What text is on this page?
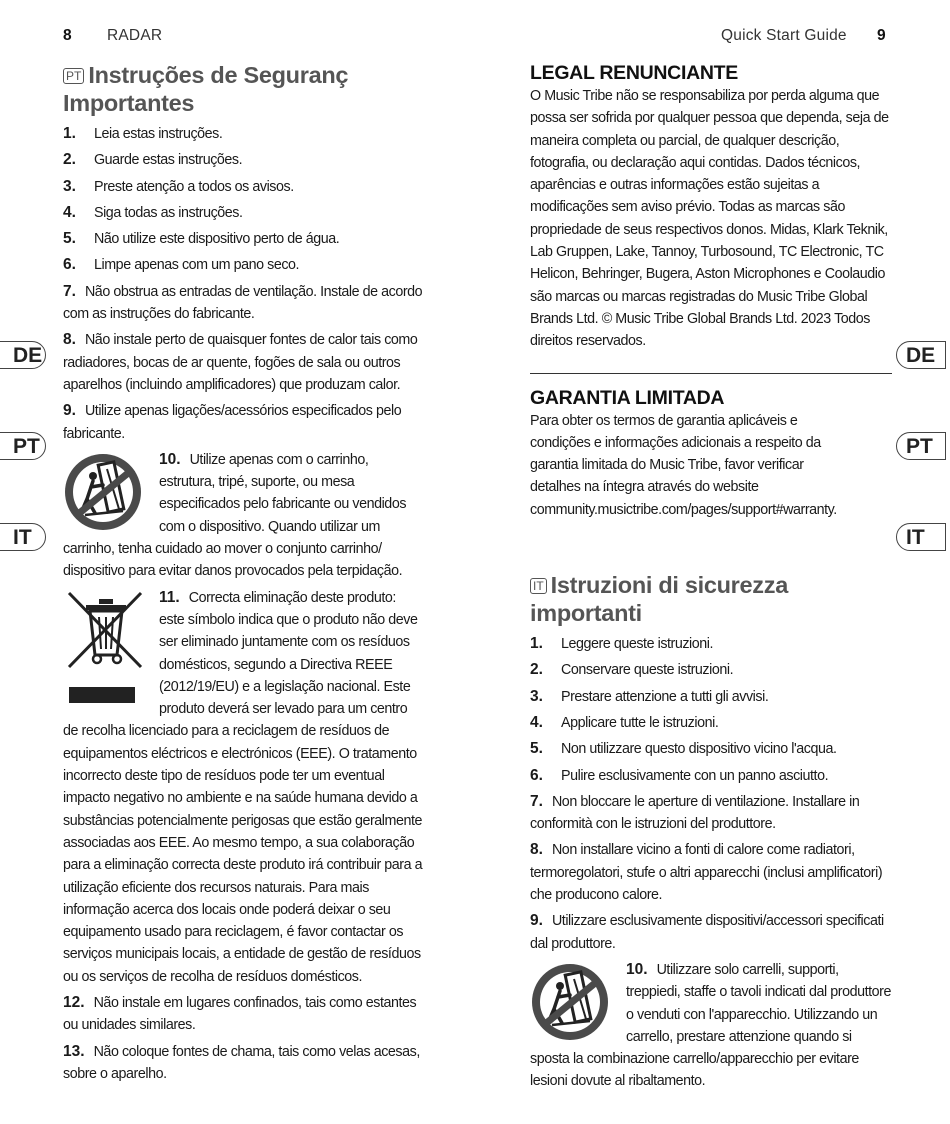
8 RADAR	Quick Start Guide 9
DE
PT
IT
DE
PT
IT
PT Instruções de Seguranç Importantes
1. Leia estas instruções.
2. Guarde estas instruções.
3. Preste atenção a todos os avisos.
4. Siga todas as instruções.
5. Não utilize este dispositivo perto de água.
6. Limpe apenas com um pano seco.
7. Não obstrua as entradas de ventilação. Instale de acordo com as instruções do fabricante.
8. Não instale perto de quaisquer fontes de calor tais como radiadores, bocas de ar quente, fogões de sala ou outros aparelhos (incluindo amplificadores) que produzam calor.
9. Utilize apenas ligações/acessórios especificados pelo fabricante.
10. Utilize apenas com o carrinho, estrutura, tripé, suporte, ou mesa especificados pelo fabricante ou vendidos com o dispositivo. Quando utilizar um carrinho, tenha cuidado ao mover o conjunto carrinho/ dispositivo para evitar danos provocados pela terpidação.
11. Correcta eliminação deste produto: este símbolo indica que o produto não deve ser eliminado juntamente com os resíduos domésticos, segundo a Directiva REEE (2012/19/EU) e a legislação nacional. Este produto deverá ser levado para um centro de recolha licenciado para a reciclagem de resíduos de equipamentos eléctricos e electrónicos (EEE). O tratamento incorrecto deste tipo de resíduos pode ter um eventual impacto negativo no ambiente e na saúde humana devido a substâncias potencialmente perigosas que estão geralmente associadas aos EEE. Ao mesmo tempo, a sua colaboração para a eliminação correcta deste produto irá contribuir para a utilização eficiente dos recursos naturais. Para mais informação acerca dos locais onde poderá deixar o seu equipamento usado para reciclagem, é favor contactar os serviços municipais locais, a entidade de gestão de resíduos ou os serviços de recolha de resíduos domésticos.
12. Não instale em lugares confinados, tais como estantes ou unidades similares.
13. Não coloque fontes de chama, tais como velas acesas, sobre o aparelho.
LEGAL RENUNCIANTE

O Music Tribe não se responsabiliza por perda alguma que possa ser sofrida por qualquer pessoa que dependa, seja de maneira completa ou parcial, de qualquer descrição, fotografia, ou declaração aqui contidas. Dados técnicos, aparências e outras informações estão sujeitas a modificações sem aviso prévio. Todas as marcas são propriedade de seus respectivos donos. Midas, Klark Teknik, Lab Gruppen, Lake, Tannoy, Turbosound, TC Electronic, TC Helicon, Behringer, Bugera, Aston Microphones e Coolaudio são marcas ou marcas registradas do Music Tribe Global Brands Ltd. © Music Tribe Global Brands Ltd. 2023 Todos direitos reservados.

GARANTIA LIMITADA

Para obter os termos de garantia aplicáveis e condições e informações adicionais a respeito da garantia limitada do Music Tribe, favor verificar detalhes na íntegra através do website community.musictribe.com/pages/support#warranty.

IT Istruzioni di sicurezza importanti
1. Leggere queste istruzioni.
2. Conservare queste istruzioni.
3. Prestare attenzione a tutti gli avvisi.
4. Applicare tutte le istruzioni.
5. Non utilizzare questo dispositivo vicino l'acqua.
6. Pulire esclusivamente con un panno asciutto.
7. Non bloccare le aperture di ventilazione. Installare in conformità con le istruzioni del produttore.
8. Non installare vicino a fonti di calore come radiatori, termoregolatori, stufe o altri apparecchi (inclusi amplificatori) che producono calore.
9. Utilizzare esclusivamente dispositivi/accessori specificati dal produttore.
10. Utilizzare solo carrelli, supporti, treppiedi, staffe o tavoli indicati dal produttore o venduti con l'apparecchio. Utilizzando un carrello, prestare attenzione quando si sposta la combinazione carrello/apparecchio per evitare lesioni dovute al ribaltamento.
